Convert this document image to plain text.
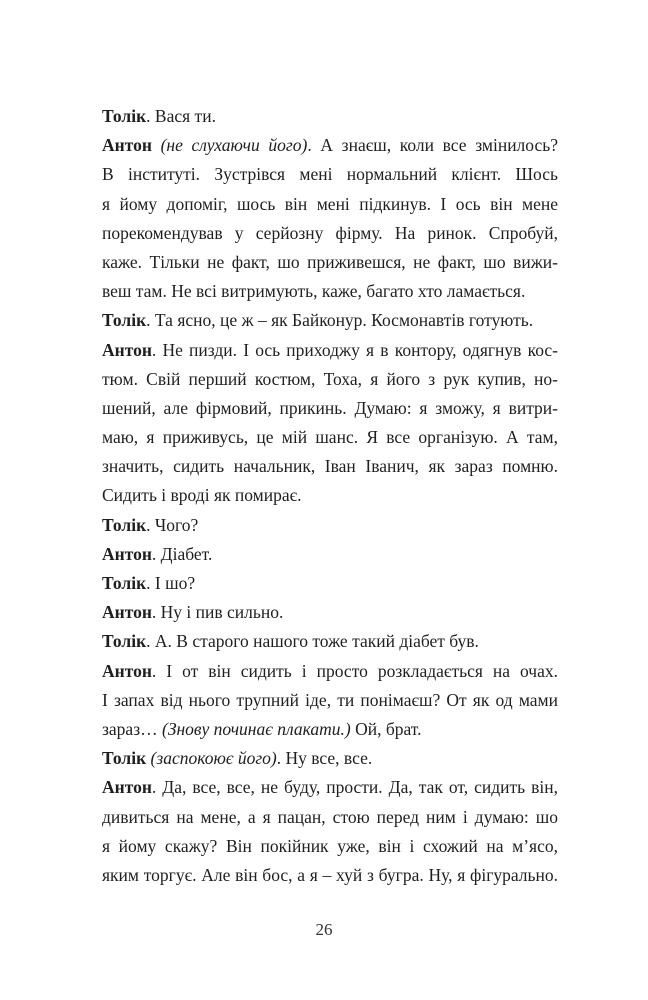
Толік. Вася ти.
Антон (не слухаючи його). А знаєш, коли все змінилось?
В інституті. Зустрівся мені нормальний клієнт. Шось
я йому допоміг, шось він мені підкинув. І ось він мене
порекомендував у серйозну фірму. На ринок. Спробуй,
каже. Тільки не факт, шо приживешся, не факт, шо вижи-
веш там. Не всі витримують, каже, багато хто ламається.
Толік. Та ясно, це ж – як Байконур. Космонавтів готують.
Антон. Не пизди. І ось приходжу я в контору, одягнув кос-
тюм. Свій перший костюм, Тоха, я його з рук купив, но-
шений, але фірмовий, прикинь. Думаю: я зможу, я витри-
маю, я приживусь, це мій шанс. Я все організую. А там,
значить, сидить начальник, Іван Іванич, як зараз помню.
Сидить і вроді як помирає.
Толік. Чого?
Антон. Діабет.
Толік. І шо?
Антон. Ну і пив сильно.
Толік. А. В старого нашого тоже такий діабет був.
Антон. І от він сидить і просто розкладається на очах.
І запах від нього трупний іде, ти понімаєш? От як од мами
зараз… (Знову починає плакати.) Ой, брат.
Толік (заспокоює його). Ну все, все.
Антон. Да, все, все, не буду, прости. Да, так от, сидить він,
дивиться на мене, а я пацан, стою перед ним і думаю: шо
я йому скажу? Він покійник уже, він і схожий на м’ясо,
яким торгує. Але він бос, а я – хуй з бугра. Ну, я фігурально.
26
